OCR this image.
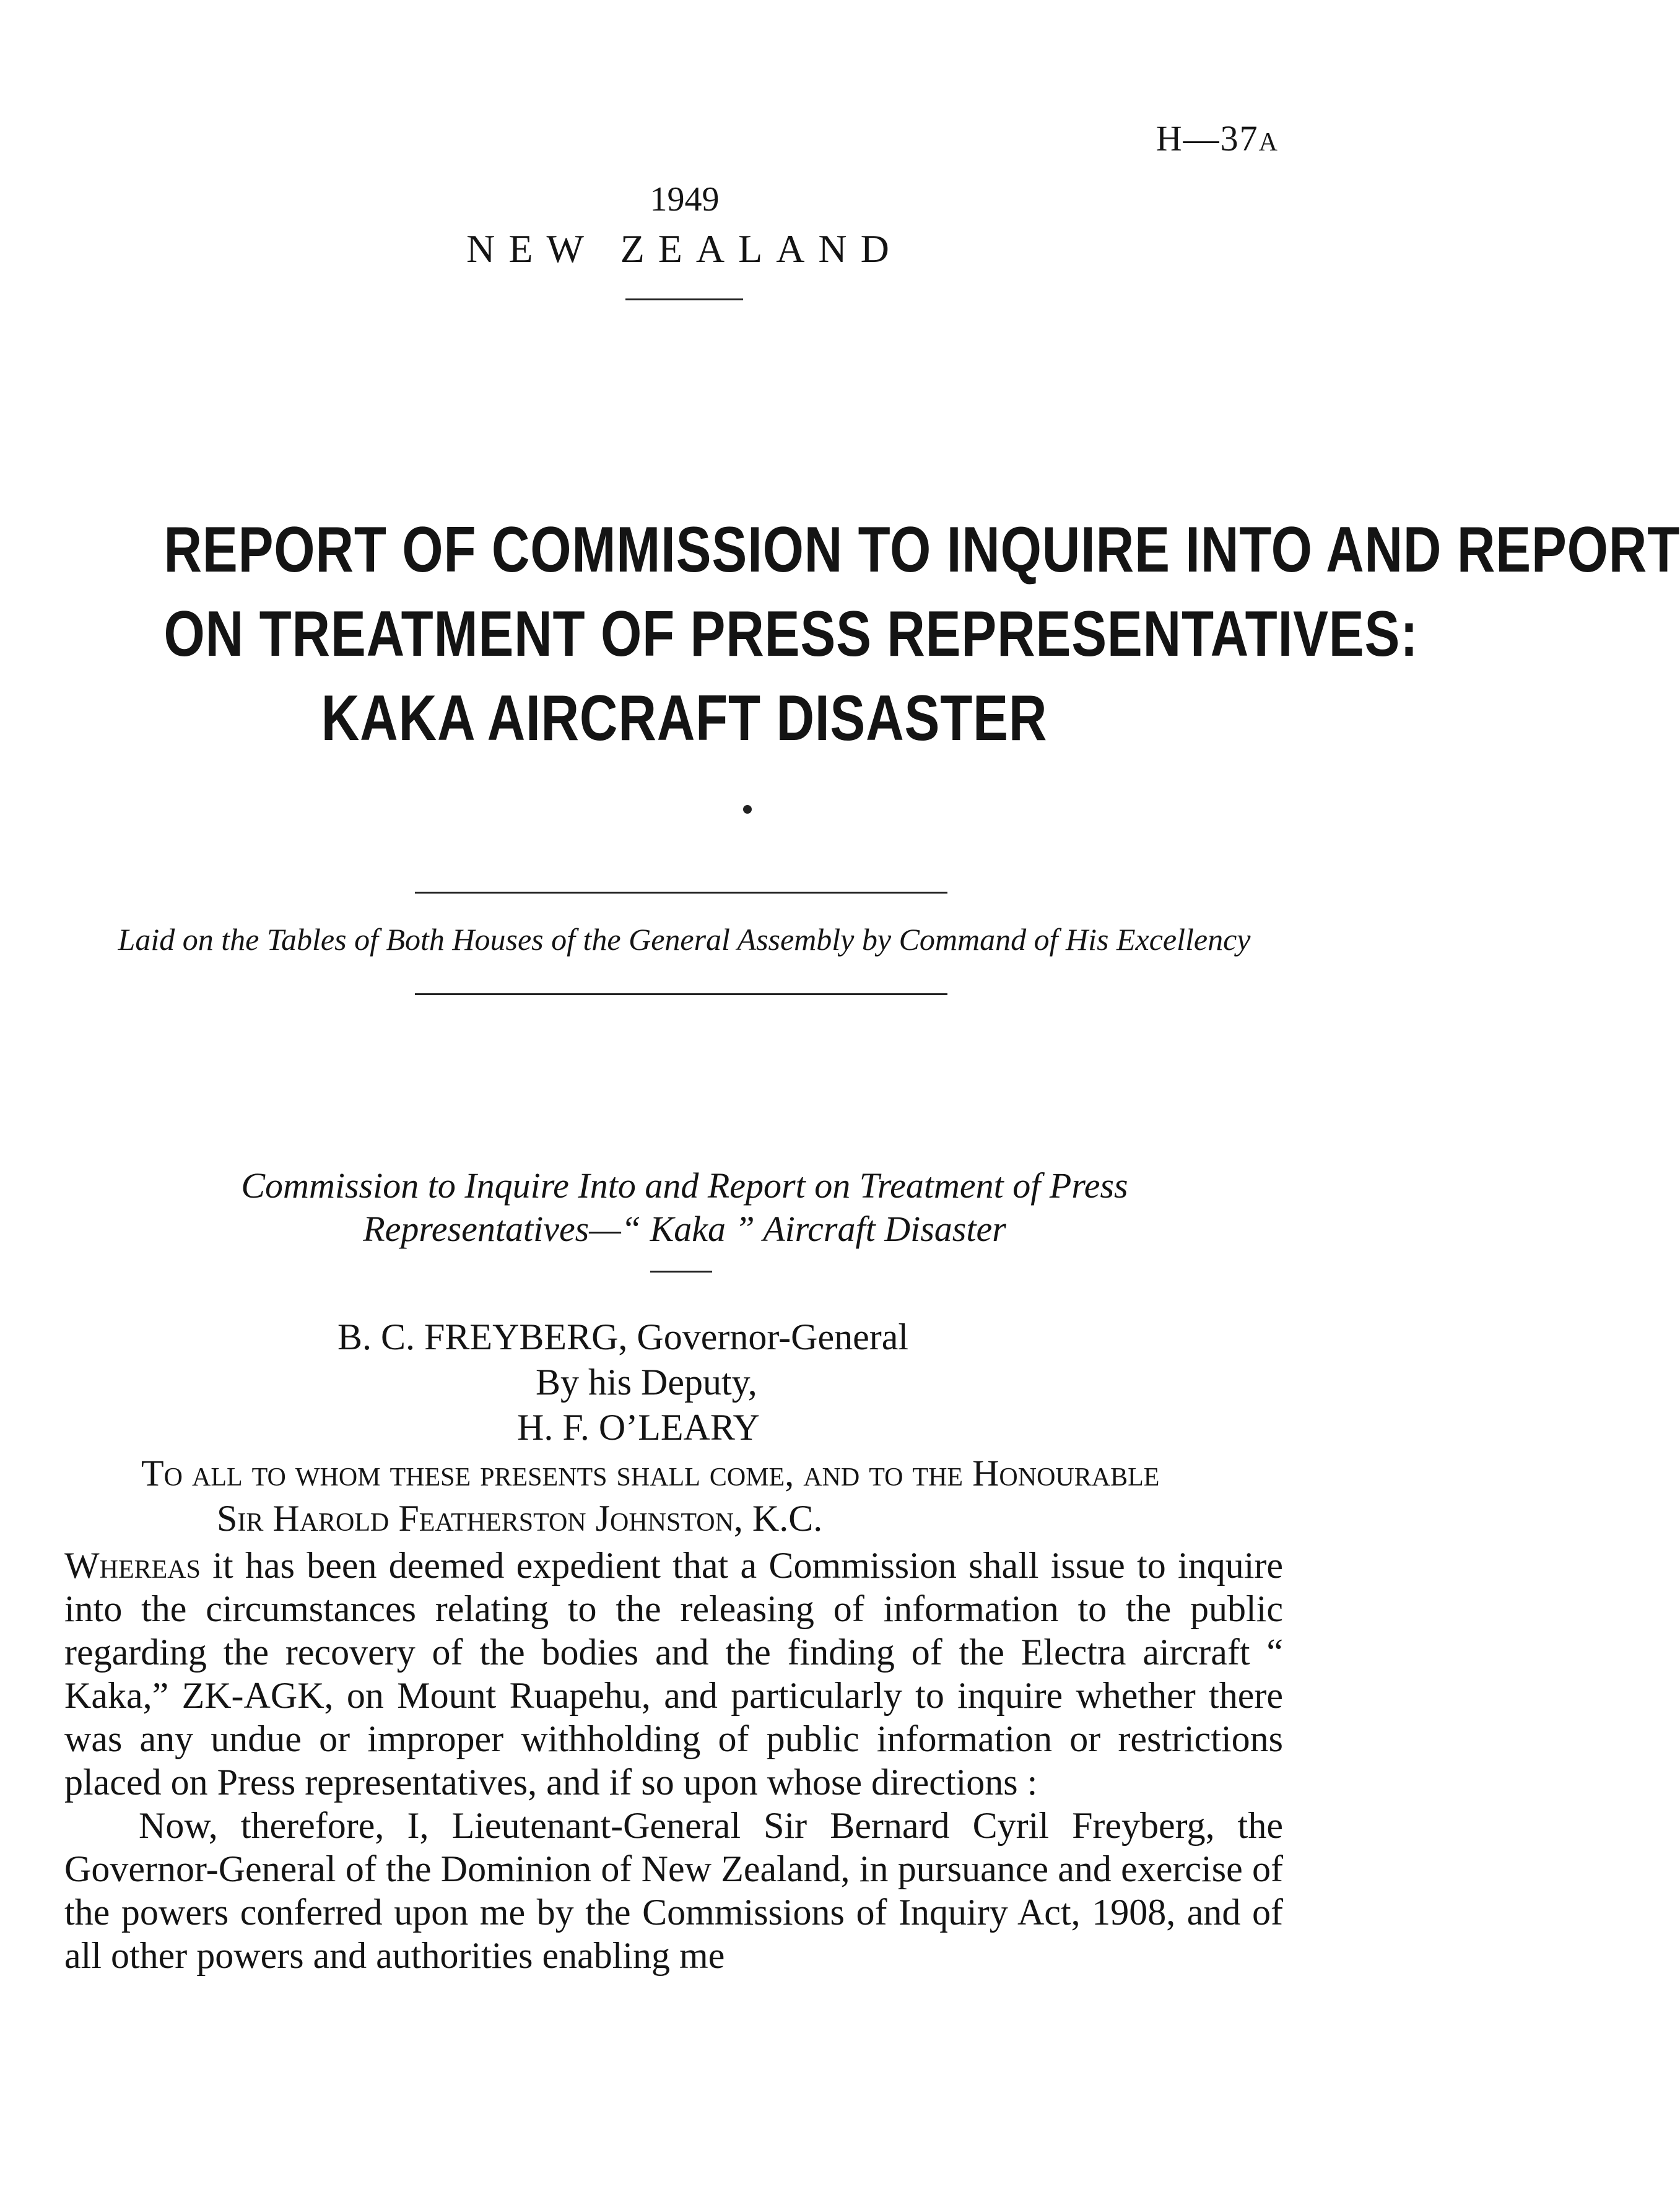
H—37A
1949
NEW ZEALAND
REPORT OF COMMISSION TO INQUIRE INTO AND REPORT
ON TREATMENT OF PRESS REPRESENTATIVES:
KAKA AIRCRAFT DISASTER
Laid on the Tables of Both Houses of the General Assembly by Command of His Excellency
Commission to Inquire Into and Report on Treatment of Press
Representatives—“ Kaka ” Aircraft Disaster
B. C. FREYBERG, Governor-General
By his Deputy,
H. F. O’LEARY
To all to whom these presents shall come, and to the Honourable
Sir Harold Featherston Johnston, K.C.

Whereas it has been deemed expedient that a Commission shall issue to inquire into the circumstances relating to the releasing of information to the public regarding the recovery of the bodies and the finding of the Electra aircraft “ Kaka,” ZK-AGK, on Mount Ruapehu, and particularly to inquire whether there was any undue or improper withholding of public information or restrictions placed on Press representatives, and if so upon whose directions :

Now, therefore, I, Lieutenant-General Sir Bernard Cyril Freyberg, the Governor-General of the Dominion of New Zealand, in pursuance and exercise of the powers conferred upon me by the Commissions of Inquiry Act, 1908, and of all other powers and authorities enabling me
